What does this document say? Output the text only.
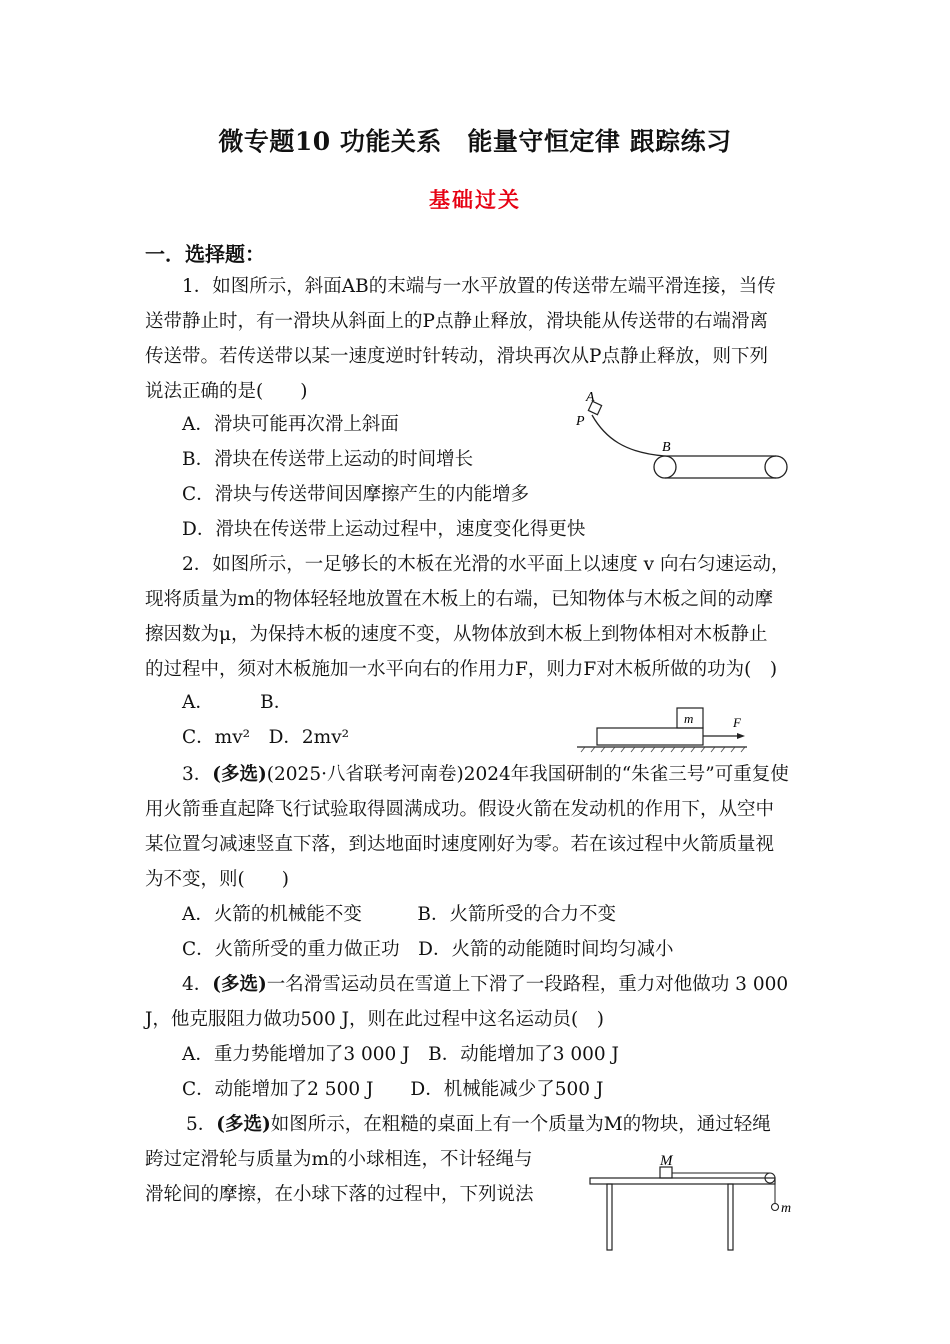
微专题10 功能关系　能量守恒定律 跟踪练习
基础过关
一．选择题：
1．如图所示，斜面AB的末端与一水平放置的传送带左端平滑连接，当传
送带静止时，有一滑块从斜面上的P点静止释放，滑块能从传送带的右端滑离
传送带。若传送带以某一速度逆时针转动，滑块再次从P点静止释放，则下列
说法正确的是(　　)
A．滑块可能再次滑上斜面
B．滑块在传送带上运动的时间增长
C．滑块与传送带间因摩擦产生的内能增多
D．滑块在传送带上运动过程中，速度变化得更快
A
P
B
2．如图所示，一足够长的木板在光滑的水平面上以速度 v 向右匀速运动，
现将质量为m的物体轻轻地放置在木板上的右端，已知物体与木板之间的动摩
擦因数为μ，为保持木板的速度不变，从物体放到木板上到物体相对木板静止
的过程中，须对木板施加一水平向右的作用力F，则力F对木板所做的功为(　)
A．　　　B．
C．mv²　D．2mv²
m	F
3．(多选)(2025·八省联考河南卷)2024年我国研制的“朱雀三号”可重复使
用火箭垂直起降飞行试验取得圆满成功。假设火箭在发动机的作用下，从空中
某位置匀减速竖直下落，到达地面时速度刚好为零。若在该过程中火箭质量视
为不变，则(　　)
A．火箭的机械能不变　　　B．火箭所受的合力不变
C．火箭所受的重力做正功　D．火箭的动能随时间均匀减小
4．(多选)一名滑雪运动员在雪道上下滑了一段路程，重力对他做功 3 000
J，他克服阻力做功500 J，则在此过程中这名运动员(　)
A．重力势能增加了3 000 J　B．动能增加了3 000 J
C．动能增加了2 500 J　　D．机械能减少了500 J
5．(多选)如图所示，在粗糙的桌面上有一个质量为M的物块，通过轻绳
跨过定滑轮与质量为m的小球相连，不计轻绳与
滑轮间的摩擦，在小球下落的过程中，下列说法
M
m
